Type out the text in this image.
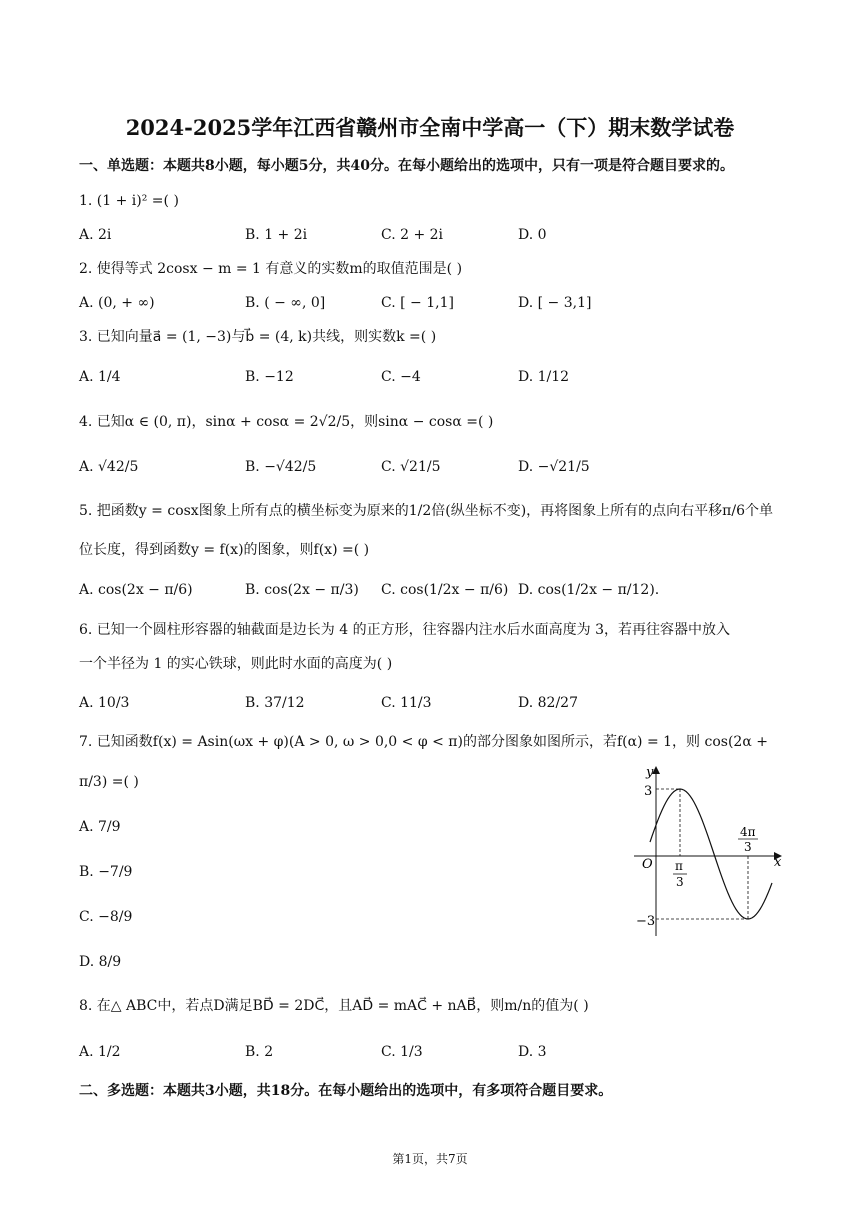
2024-2025学年江西省赣州市全南中学高一（下）期末数学试卷
一、单选题：本题共8小题，每小题5分，共40分。在每小题给出的选项中，只有一项是符合题目要求的。
1. (1 + i)² =( )
A. 2i	B. 1 + 2i	C. 2 + 2i	D. 0
2. 使得等式 2cosx − m = 1 有意义的实数m的取值范围是( )
A. (0, + ∞)	B. ( − ∞, 0]	C. [ − 1,1]	D. [ − 3,1]
3. 已知向量a⃗ = (1, −3)与b⃗ = (4, k)共线，则实数k =( )
A. 1/4	B. −12	C. −4	D. 1/12
4. 已知α ∈ (0, π)，sinα + cosα = 2√2/5，则sinα − cosα =( )
A. √42/5	B. −√42/5	C. √21/5	D. −√21/5
5. 把函数y = cosx图象上所有点的横坐标变为原来的1/2倍(纵坐标不变)，再将图象上所有的点向右平移π/6个单
位长度，得到函数y = f(x)的图象，则f(x) =( )
A. cos(2x − π/6)	B. cos(2x − π/3) C. cos(1/2x − π/6) D. cos(1/2x − π/12).
6. 已知一个圆柱形容器的轴截面是边长为 4 的正方形，往容器内注水后水面高度为 3，若再往容器中放入
一个半径为 1 的实心铁球，则此时水面的高度为( )
A. 10/3	B. 37/12	C. 11/3	D. 82/27
7. 已知函数f(x) = Asin(ωx + φ)(A > 0, ω > 0,0 < φ < π)的部分图象如图所示，若f(α) = 1，则 cos(2α +
π/3) =( )
A. 7/9
B. −7/9
C. −8/9
D. 8/9
y
x
O
3
−3
π
3
4π
3
8. 在△ ABC中，若点D满足BD⃗ = 2DC⃗，且AD⃗ = mAC⃗ + nAB⃗，则m/n的值为( )
A. 1/2	B. 2	C. 1/3	D. 3
二、多选题：本题共3小题，共18分。在每小题给出的选项中，有多项符合题目要求。
第1页，共7页
